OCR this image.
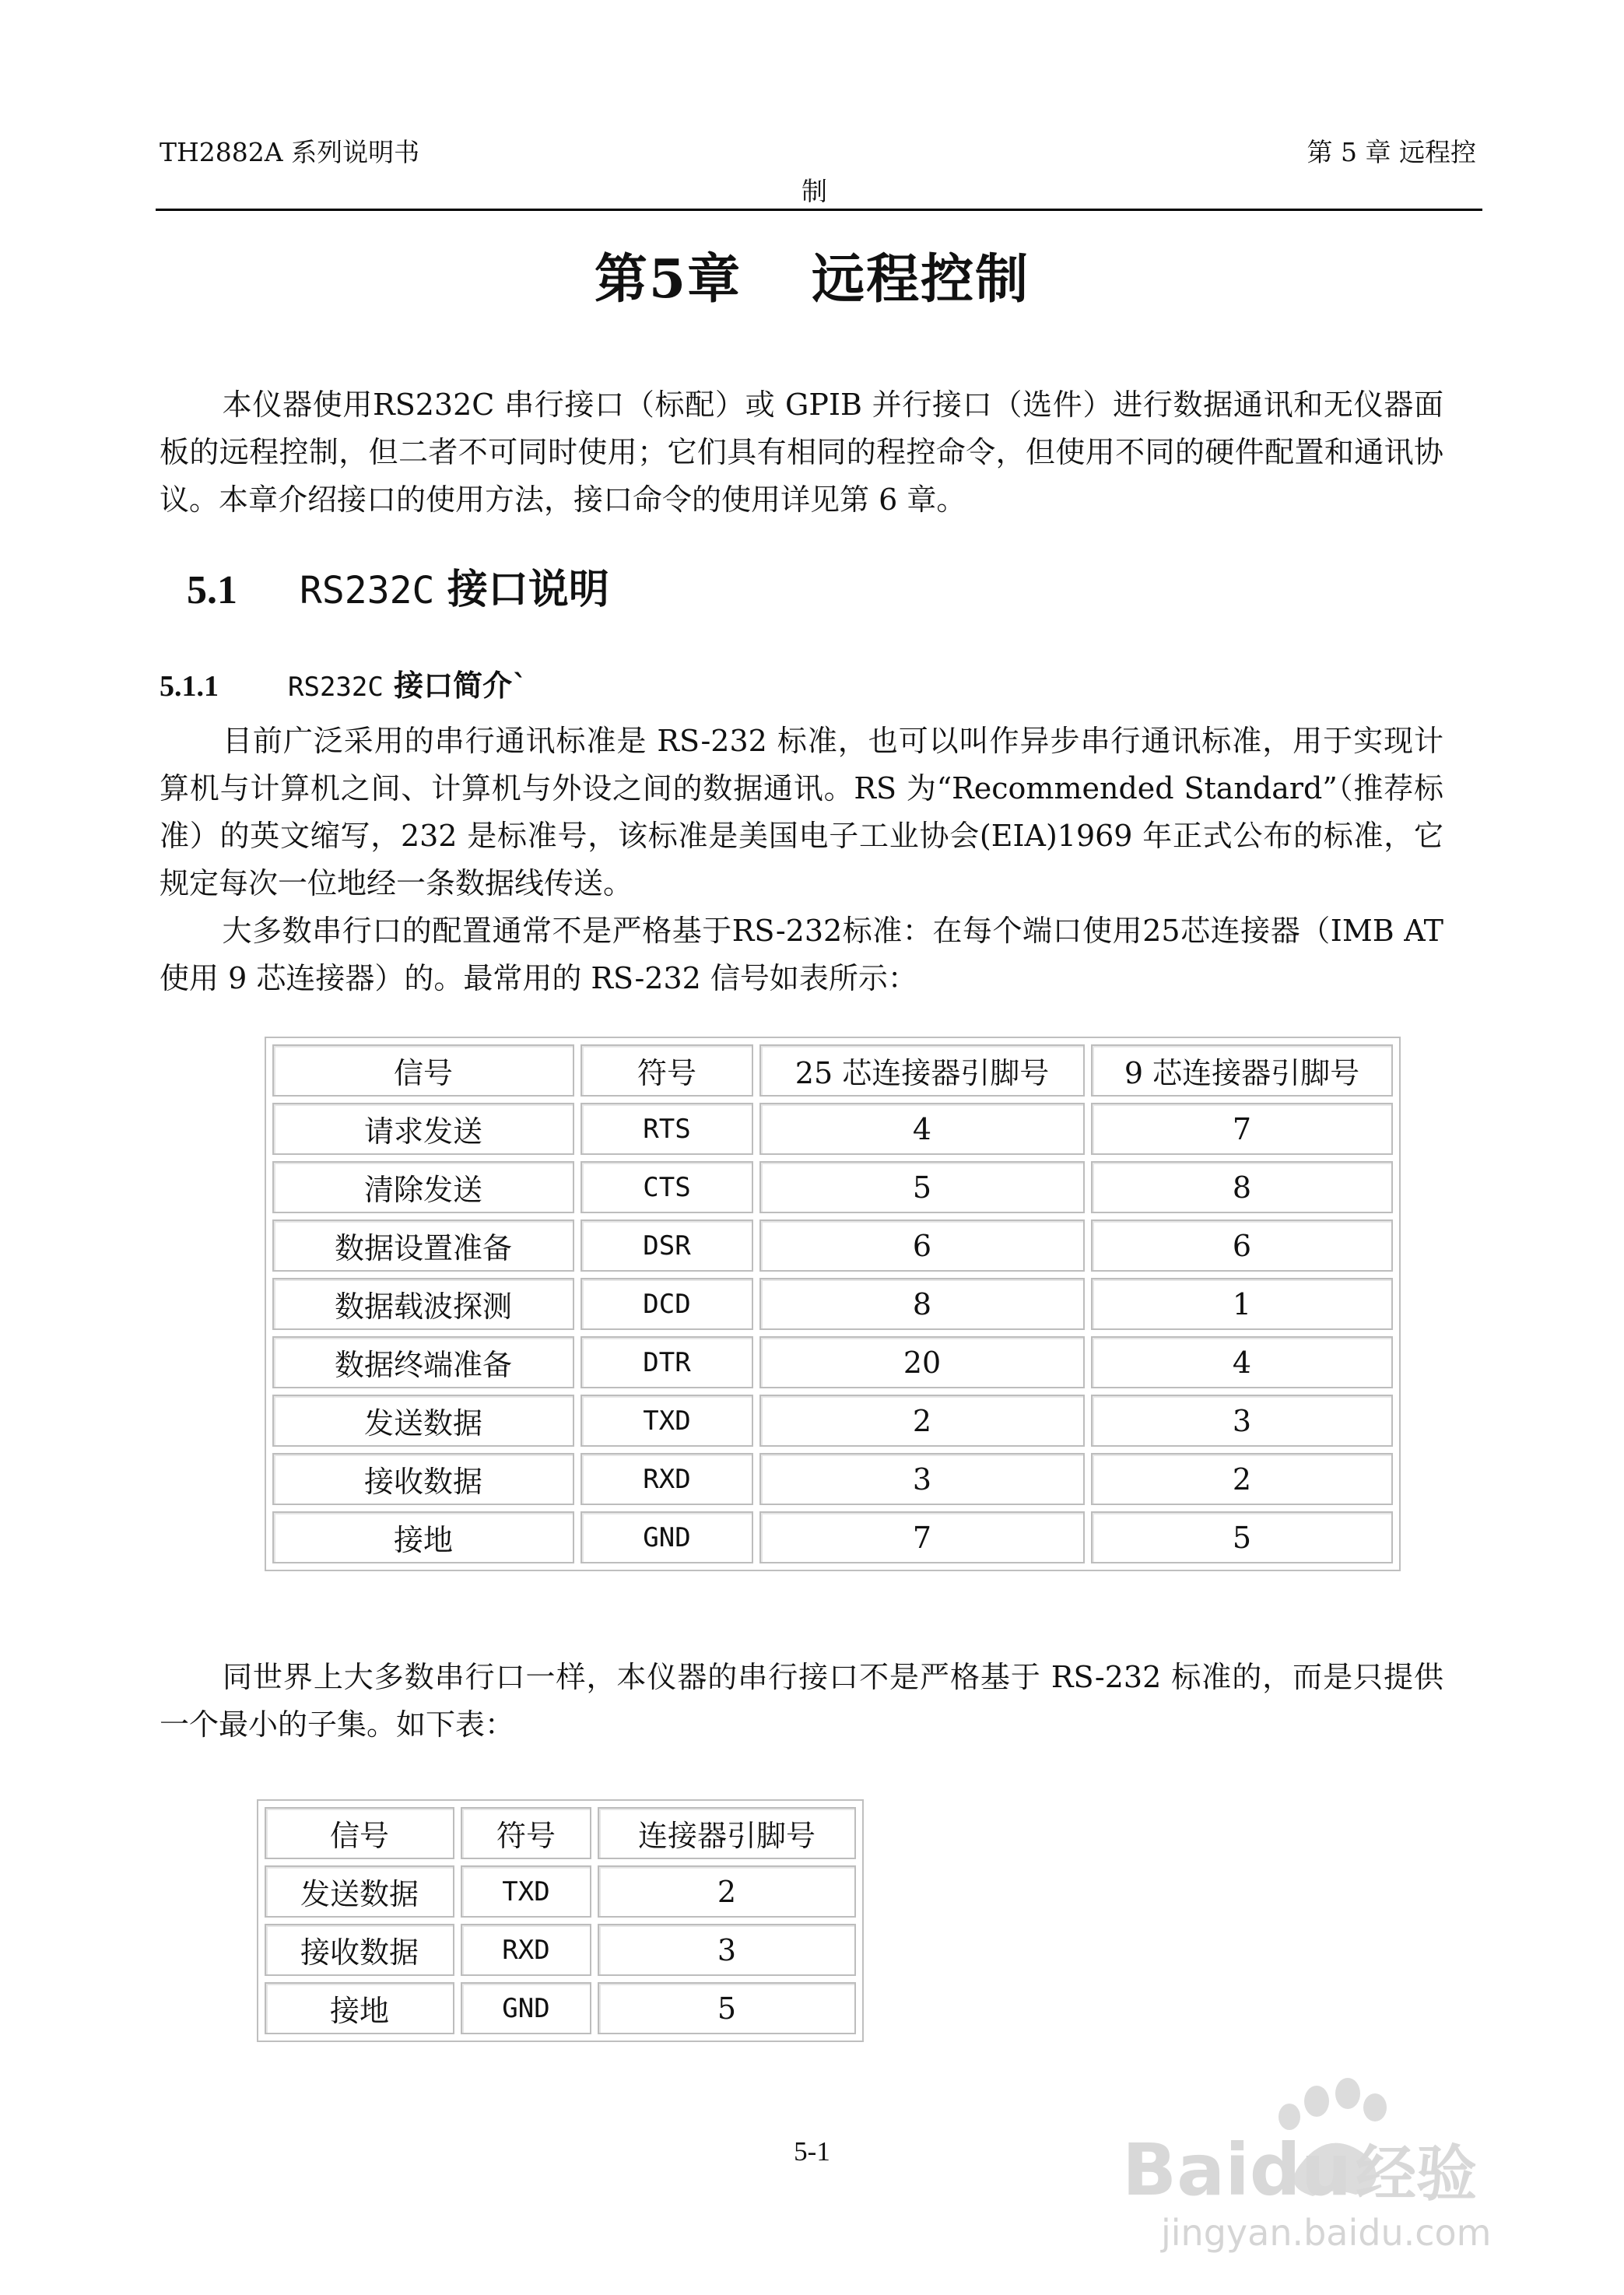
TH2882A 系列说明书	第 5 章 远程控
制
第5章 远程控制
本仪器使用RS232C 串行接口（标配）或 GPIB 并行接口（选件）进行数据通讯和无仪器面板的远程控制，但二者不可同时使用；它们具有相同的程控命令，但使用不同的硬件配置和通讯协议。本章介绍接口的使用方法，接口命令的使用详见第 6 章。
5.1 RS232C 接口说明
5.1.1	RS232C 接口简介`
目前广泛采用的串行通讯标准是 RS-232 标准，也可以叫作异步串行通讯标准，用于实现计算机与计算机之间、计算机与外设之间的数据通讯。RS 为“Recommended Standard”（推荐标准）的英文缩写，232 是标准号，该标准是美国电子工业协会(EIA)1969 年正式公布的标准，它规定每次一位地经一条数据线传送。
大多数串行口的配置通常不是严格基于RS-232标准：在每个端口使用25芯连接器（IMB AT 使用 9 芯连接器）的。最常用的 RS-232 信号如表所示：
信号	符号	25 芯连接器引脚号	9 芯连接器引脚号
请求发送	RTS	4	7
清除发送	CTS	5	8
数据设置准备	DSR	6	6
数据载波探测	DCD	8	1
数据终端准备	DTR	20	4
发送数据	TXD	2	3
接收数据	RXD	3	2
接地	GND	7	5
同世界上大多数串行口一样，本仪器的串行接口不是严格基于 RS-232 标准的，而是只提供一个最小的子集。如下表：
信号	符号	连接器引脚号
发送数据	TXD	2
接收数据	RXD	3
接地	GND	5
5-1	Baidu 经验
jingyan.baidu.com
